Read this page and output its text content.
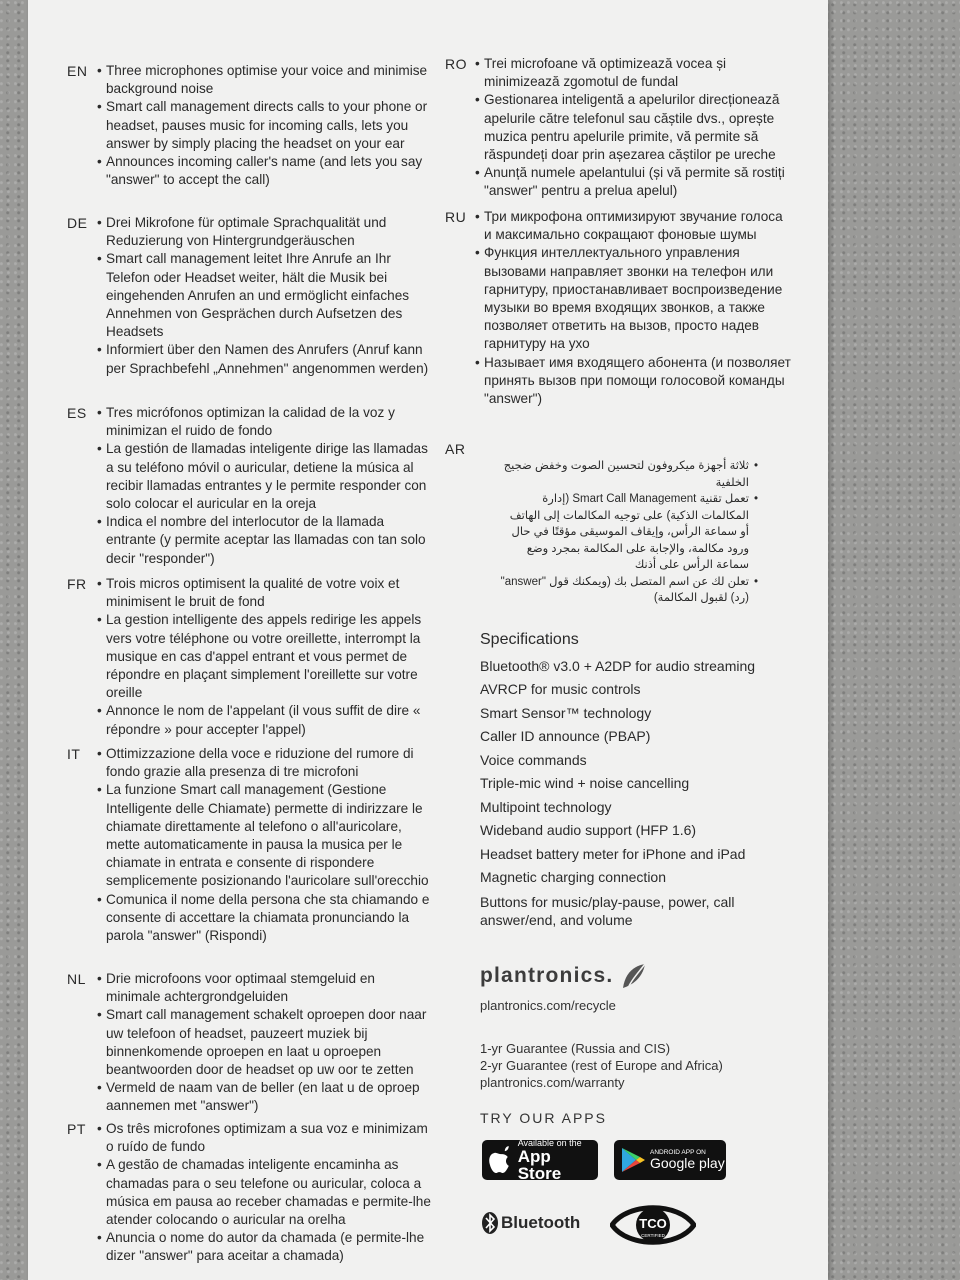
AR
• ثلاثة أجهزة ميكروفون لتحسين الصوت وخفض ضجيج الخلفية
• تعمل تقنية Smart Call Management (إدارة المكالمات الذكية) على توجيه المكالمات إلى الهاتف أو سماعة الرأس، وإيقاف الموسيقى مؤقتًا في حال ورود مكالمة، والإجابة على المكالمة بمجرد وضع سماعة الرأس على أذنك
• تعلن لك عن اسم المتصل بك (ويمكنك قول "answer" (رد) لقبول المكالمة)
Specifications
Bluetooth® v3.0 + A2DP for audio streaming
AVRCP for music controls
Smart Sensor™ technology
Caller ID announce (PBAP)
Voice commands
Triple-mic wind + noise cancelling
Multipoint technology
Wideband audio support (HFP 1.6)
Headset battery meter for iPhone and iPad
Magnetic charging connection
Buttons for music/play-pause, power, call answer/end, and volume
plantronics.
plantronics.com/recycle
1-yr Guarantee (Russia and CIS)
2-yr Guarantee (rest of Europe and Africa)
plantronics.com/warranty
TRY OUR APPS
Available on the
App Store
ANDROID APP ON
Google play
Bluetooth	TCO
CERTIFIED
EN	• Three microphones optimise your voice and minimise background noise
• Smart call management directs calls to your phone or headset, pauses music for incoming calls, lets you answer by simply placing the headset on your ear
• Announces incoming caller's name (and lets you say "answer" to accept the call)
DE	• Drei Mikrofone für optimale Sprachqualität und Reduzierung von Hintergrundgeräuschen
• Smart call management leitet Ihre Anrufe an Ihr Telefon oder Headset weiter, hält die Musik bei eingehenden Anrufen an und ermöglicht einfaches Annehmen von Gesprächen durch Aufsetzen des Headsets
• Informiert über den Namen des Anrufers (Anruf kann per Sprachbefehl „Annehmen" angenommen werden)
ES	• Tres micrófonos optimizan la calidad de la voz y minimizan el ruido de fondo
• La gestión de llamadas inteligente dirige las llamadas a su teléfono móvil o auricular, detiene la música al recibir llamadas entrantes y le permite responder con solo colocar el auricular en la oreja
• Indica el nombre del interlocutor de la llamada entrante (y permite aceptar las llamadas con tan solo decir "responder")
FR	• Trois micros optimisent la qualité de votre voix et minimisent le bruit de fond
• La gestion intelligente des appels redirige les appels vers votre téléphone ou votre oreillette, interrompt la musique en cas d'appel entrant et vous permet de répondre en plaçant simplement l'oreillette sur votre oreille
• Annonce le nom de l'appelant (il vous suffit de dire « répondre » pour accepter l'appel)
IT	• Ottimizzazione della voce e riduzione del rumore di fondo grazie alla presenza di tre microfoni
• La funzione Smart call management (Gestione Intelligente delle Chiamate) permette di indirizzare le chiamate direttamente al telefono o all'auricolare, mette automaticamente in pausa la musica per le chiamate in entrata e consente di rispondere semplicemente posizionando l'auricolare sull'orecchio
• Comunica il nome della persona che sta chiamando e consente di accettare la chiamata pronunciando la parola "answer" (Rispondi)
NL	• Drie microfoons voor optimaal stemgeluid en minimale achtergrondgeluiden
• Smart call management schakelt oproepen door naar uw telefoon of headset, pauzeert muziek bij binnenkomende oproepen en laat u oproepen beantwoorden door de headset op uw oor te zetten
• Vermeld de naam van de beller (en laat u de oproep aannemen met "answer")
PT	• Os três microfones optimizam a sua voz e minimizam o ruído de fundo
• A gestão de chamadas inteligente encaminha as chamadas para o seu telefone ou auricular, coloca a música em pausa ao receber chamadas e permite-lhe atender colocando o auricular na orelha
• Anuncia o nome do autor da chamada (e permite-lhe dizer "answer" para aceitar a chamada)
RO	• Trei microfoane vă optimizează vocea și minimizează zgomotul de fundal
• Gestionarea inteligentă a apelurilor direcționează apelurile către telefonul sau căștile dvs., oprește muzica pentru apelurile primite, vă permite să răspundeți doar prin așezarea căștilor pe ureche
• Anunță numele apelantului (și vă permite să rostiți "answer" pentru a prelua apelul)
RU	• Три микрофона оптимизируют звучание голоса и максимально сокращают фоновые шумы
• Функция интеллектуального управления вызовами направляет звонки на телефон или гарнитуру, приостанавливает воспроизведение музыки во время входящих звонков, а также позволяет ответить на вызов, просто надев гарнитуру на ухо
• Называет имя входящего абонента (и позволяет принять вызов при помощи голосовой команды "answer")
